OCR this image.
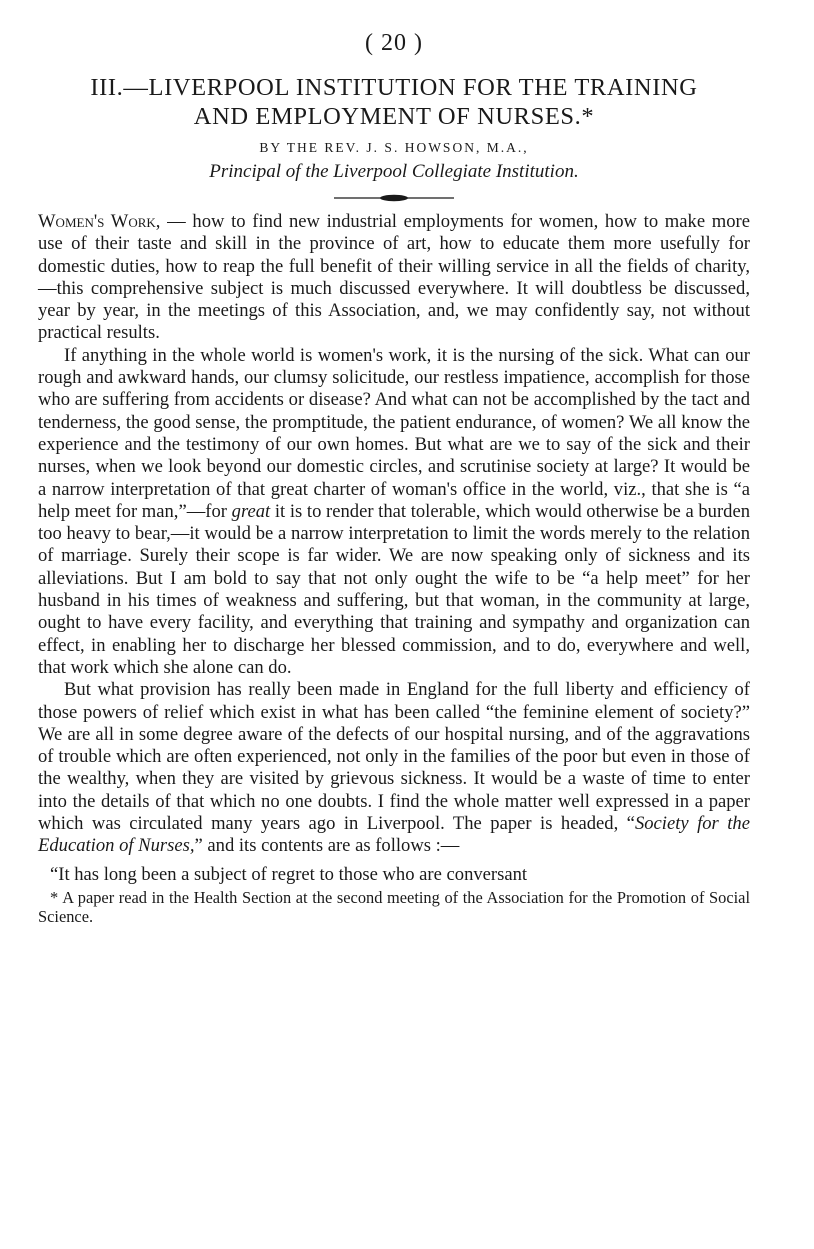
( 20 )
III.—LIVERPOOL INSTITUTION FOR THE TRAINING
AND EMPLOYMENT OF NURSES.*
BY THE REV. J. S. HOWSON, M.A.,
Principal of the Liverpool Collegiate Institution.

Women's Work, — how to find new industrial employments for women, how to make more use of their taste and skill in the province of art, how to educate them more usefully for domestic duties, how to reap the full benefit of their willing service in all the fields of charity,—this comprehensive subject is much discussed everywhere. It will doubtless be discussed, year by year, in the meetings of this Association, and, we may confidently say, not without practical results.

If anything in the whole world is women's work, it is the nursing of the sick. What can our rough and awkward hands, our clumsy solicitude, our restless impatience, accomplish for those who are suffering from accidents or disease? And what can not be accomplished by the tact and tenderness, the good sense, the promptitude, the patient endurance, of women? We all know the experience and the testimony of our own homes. But what are we to say of the sick and their nurses, when we look beyond our domestic circles, and scrutinise society at large? It would be a narrow interpretation of that great charter of woman's office in the world, viz., that she is “a help meet for man,”—for great it is to render that tolerable, which would otherwise be a burden too heavy to bear,—it would be a narrow interpretation to limit the words merely to the relation of marriage. Surely their scope is far wider. We are now speaking only of sickness and its alleviations. But I am bold to say that not only ought the wife to be “a help meet” for her husband in his times of weakness and suffering, but that woman, in the community at large, ought to have every facility, and everything that training and sympathy and organization can effect, in enabling her to discharge her blessed commission, and to do, everywhere and well, that work which she alone can do.

But what provision has really been made in England for the full liberty and efficiency of those powers of relief which exist in what has been called “the feminine element of society?” We are all in some degree aware of the defects of our hospital nursing, and of the aggravations of trouble which are often experienced, not only in the families of the poor but even in those of the wealthy, when they are visited by grievous sickness. It would be a waste of time to enter into the details of that which no one doubts. I find the whole matter well expressed in a paper which was circulated many years ago in Liverpool. The paper is headed, “Society for the Education of Nurses,” and its contents are as follows :—

“It has long been a subject of regret to those who are conversant
* A paper read in the Health Section at the second meeting of the Association for the Promotion of Social Science.
